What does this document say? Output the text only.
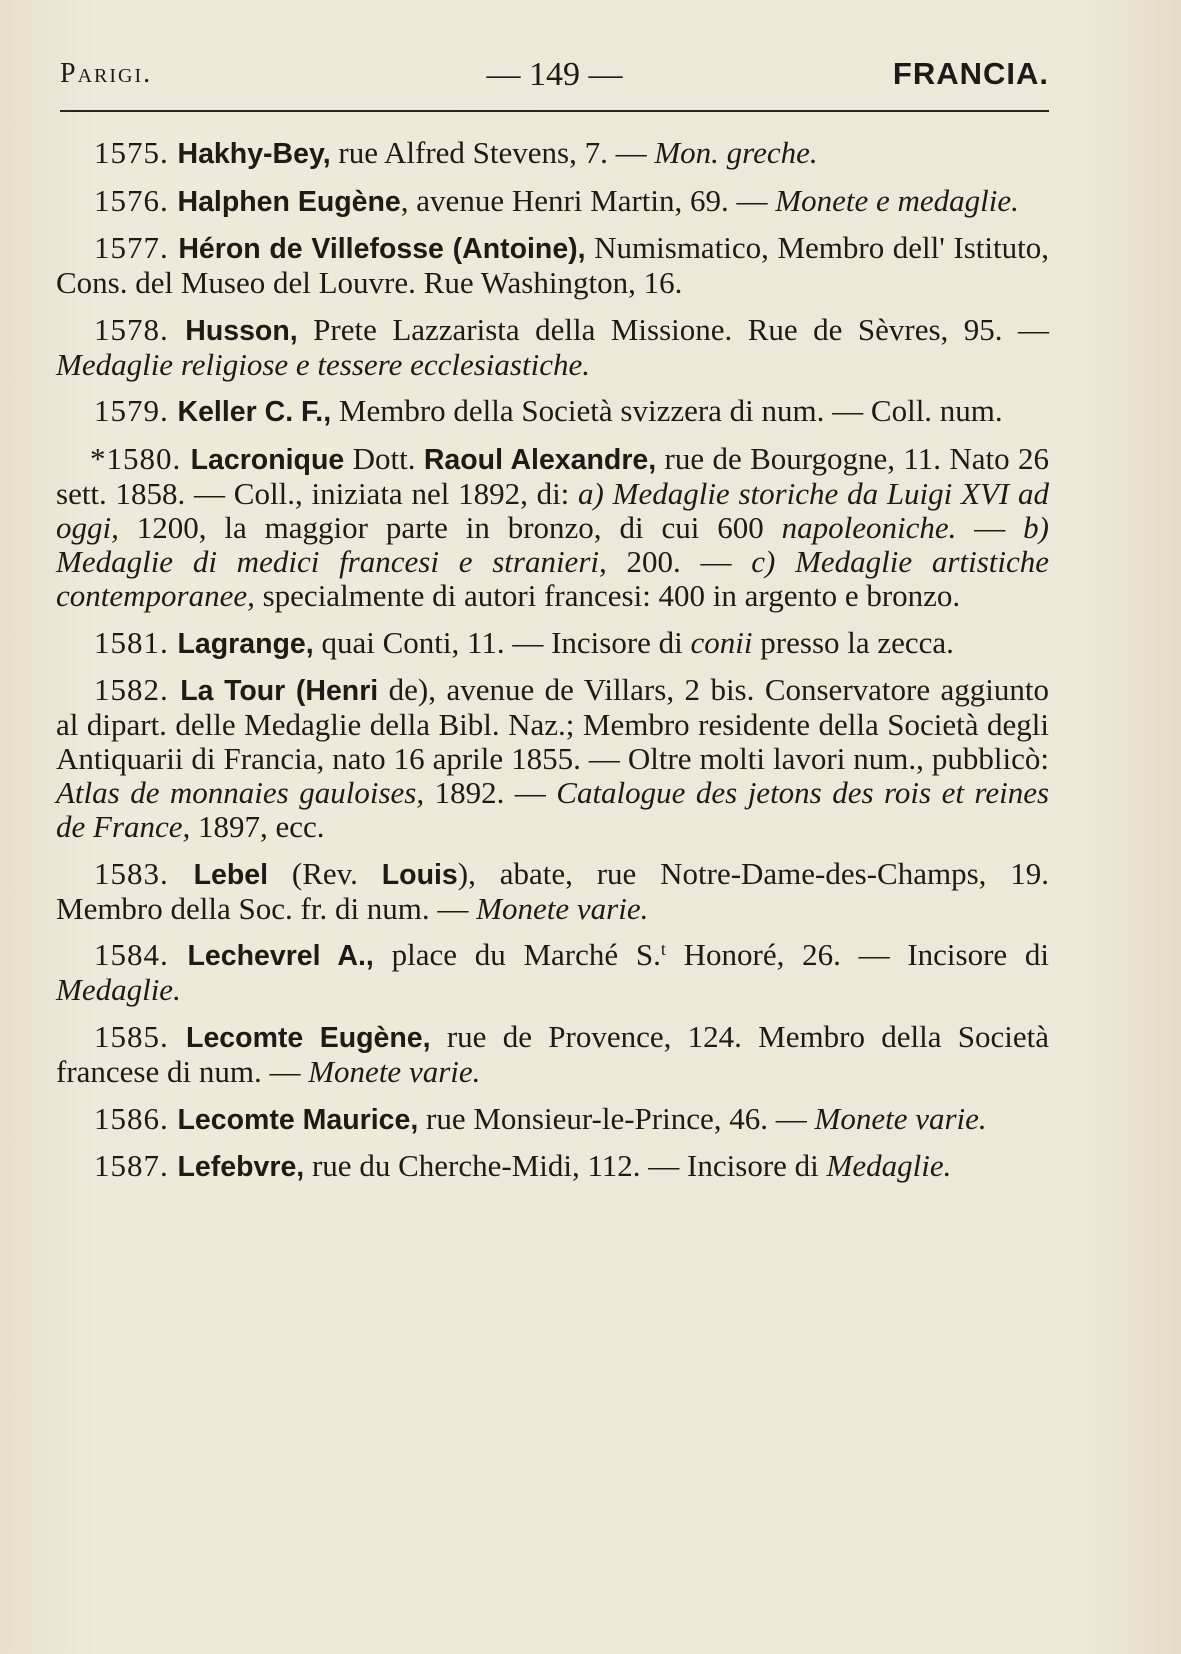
Parigi.	— 149 —	FRANCIA.

1575. Hakhy-Bey, rue Alfred Stevens, 7. — Mon. greche.

1576. Halphen Eugène, avenue Henri Martin, 69. — Monete e medaglie.

1577. Héron de Villefosse (Antoine), Numismatico, Membro dell' Istituto, Cons. del Museo del Louvre. Rue Washington, 16.

1578. Husson, Prete Lazzarista della Missione. Rue de Sèvres, 95. — Medaglie religiose e tessere ecclesiastiche.

1579. Keller C. F., Membro della Società svizzera di num. — Coll. num.

*1580. Lacronique Dott. Raoul Alexandre, rue de Bourgogne, 11. Nato 26 sett. 1858. — Coll., iniziata nel 1892, di: a) Medaglie storiche da Luigi XVI ad oggi, 1200, la maggior parte in bronzo, di cui 600 napoleoniche. — b) Medaglie di medici francesi e stranieri, 200. — c) Medaglie artistiche contemporanee, specialmente di autori francesi: 400 in argento e bronzo.

1581. Lagrange, quai Conti, 11. — Incisore di conii presso la zecca.

1582. La Tour (Henri de), avenue de Villars, 2 bis. Conservatore aggiunto al dipart. delle Medaglie della Bibl. Naz.; Membro residente della Società degli Antiquarii di Francia, nato 16 aprile 1855. — Oltre molti lavori num., pubblicò: Atlas de monnaies gauloises, 1892. — Catalogue des jetons des rois et reines de France, 1897, ecc.

1583. Lebel (Rev. Louis), abate, rue Notre-Dame-des-Champs, 19. Membro della Soc. fr. di num. — Monete varie.

1584. Lechevrel A., place du Marché S.$^t$ Honoré, 26. — Incisore di Medaglie.

1585. Lecomte Eugène, rue de Provence, 124. Membro della Società francese di num. — Monete varie.

1586. Lecomte Maurice, rue Monsieur-le-Prince, 46. — Monete varie.

1587. Lefebvre, rue du Cherche-Midi, 112. — Incisore di Medaglie.
